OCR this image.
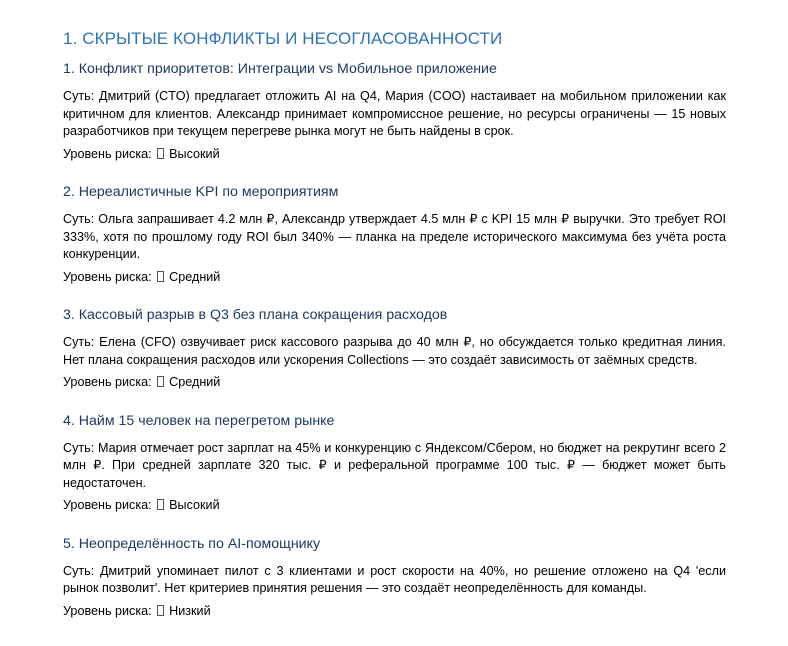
1. СКРЫТЫЕ КОНФЛИКТЫ И НЕСОГЛАСОВАННОСТИ
1. Конфликт приоритетов: Интеграции vs Мобильное приложение

Суть: Дмитрий (CTO) предлагает отложить AI на Q4, Мария (COO) настаивает на мобильном приложении как критичном для клиентов. Александр принимает компромиссное решение, но ресурсы ограничены — 15 новых разработчиков при текущем перегреве рынка могут не быть найдены в срок.

Уровень риска: Высокий

2. Нереалистичные KPI по мероприятиям

Суть: Ольга запрашивает 4.2 млн ₽, Александр утверждает 4.5 млн ₽ с KPI 15 млн ₽ выручки. Это требует ROI 333%, хотя по прошлому году ROI был 340% — планка на пределе исторического максимума без учёта роста конкуренции.

Уровень риска: Средний

3. Кассовый разрыв в Q3 без плана сокращения расходов

Суть: Елена (CFO) озвучивает риск кассового разрыва до 40 млн ₽, но обсуждается только кредитная линия. Нет плана сокращения расходов или ускорения Collections — это создаёт зависимость от заёмных средств.

Уровень риска: Средний

4. Найм 15 человек на перегретом рынке

Суть: Мария отмечает рост зарплат на 45% и конкуренцию с Яндексом/Сбером, но бюджет на рекрутинг всего 2 млн ₽. При средней зарплате 320 тыс. ₽ и реферальной программе 100 тыс. ₽ — бюджет может быть недостаточен.

Уровень риска: Высокий

5. Неопределённость по AI-помощнику

Суть: Дмитрий упоминает пилот с 3 клиентами и рост скорости на 40%, но решение отложено на Q4 'если рынок позволит'. Нет критериев принятия решения — это создаёт неопределённость для команды.

Уровень риска: Низкий
